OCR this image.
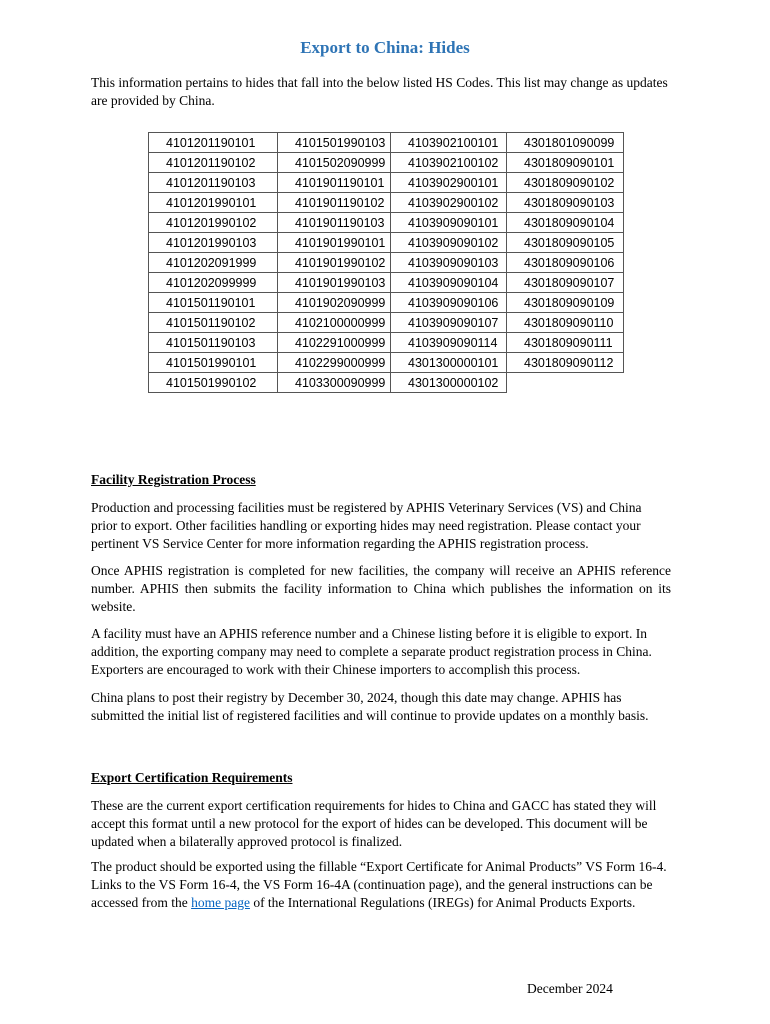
Export to China: Hides

This information pertains to hides that fall into the below listed HS Codes. This list may change as updates are provided by China.

4101201190101	4101501990103	4103902100101	4301801090099
4101201190102	4101502090999	4103902100102	4301809090101
4101201190103	4101901190101	4103902900101	4301809090102
4101201990101	4101901190102	4103902900102	4301809090103
4101201990102	4101901190103	4103909090101	4301809090104
4101201990103	4101901990101	4103909090102	4301809090105
4101202091999	4101901990102	4103909090103	4301809090106
4101202099999	4101901990103	4103909090104	4301809090107
4101501190101	4101902090999	4103909090106	4301809090109
4101501190102	4102100000999	4103909090107	4301809090110
4101501190103	4102291000999	4103909090114	4301809090111
4101501990101	4102299000999	4301300000101	4301809090112
4101501990102	4103300090999	4301300000102	
Facility Registration Process

Production and processing facilities must be registered by APHIS Veterinary Services (VS) and China prior to export. Other facilities handling or exporting hides may need registration. Please contact your pertinent VS Service Center for more information regarding the APHIS registration process.

Once APHIS registration is completed for new facilities, the company will receive an APHIS reference number. APHIS then submits the facility information to China which publishes the information on its website.

A facility must have an APHIS reference number and a Chinese listing before it is eligible to export. In addition, the exporting company may need to complete a separate product registration process in China. Exporters are encouraged to work with their Chinese importers to accomplish this process.

China plans to post their registry by December 30, 2024, though this date may change. APHIS has submitted the initial list of registered facilities and will continue to provide updates on a monthly basis.

Export Certification Requirements

These are the current export certification requirements for hides to China and GACC has stated they will accept this format until a new protocol for the export of hides can be developed. This document will be updated when a bilaterally approved protocol is finalized.

The product should be exported using the fillable “Export Certificate for Animal Products” VS Form 16-4. Links to the VS Form 16-4, the VS Form 16-4A (continuation page), and the general instructions can be accessed from the home page of the International Regulations (IREGs) for Animal Products Exports.

December 2024
